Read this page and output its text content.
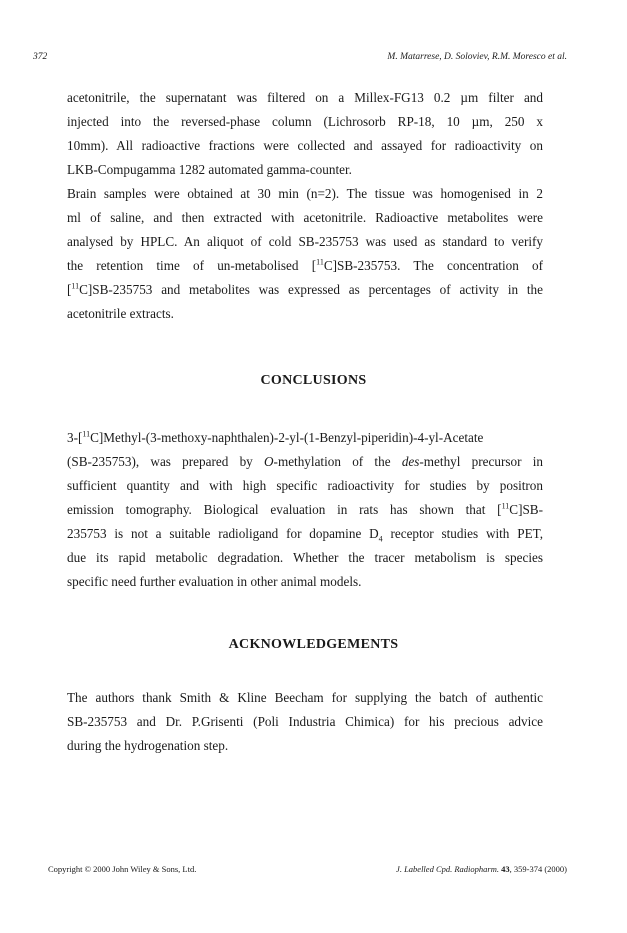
372	M. Matarrese, D. Soloviev, R.M. Moresco et al.
acetonitrile, the supernatant was filtered on a Millex-FG13 0.2 µm filter and
injected into the reversed-phase column (Lichrosorb RP-18, 10 µm, 250 x
10mm). All radioactive fractions were collected and assayed for radioactivity on
LKB-Compugamma 1282 automated gamma-counter.
Brain samples were obtained at 30 min (n=2). The tissue was homogenised in 2
ml of saline, and then extracted with acetonitrile. Radioactive metabolites were
analysed by HPLC. An aliquot of cold SB-235753 was used as standard to verify
the retention time of un-metabolised [$^{11}$C]SB-235753. The concentration of
[$^{11}$C]SB-235753 and metabolites was expressed as percentages of activity in the
acetonitrile extracts.
CONCLUSIONS
3-[$^{11}$C]Methyl-(3-methoxy-naphthalen)-2-yl-(1-Benzyl-piperidin)-4-yl-Acetate
(SB-235753), was prepared by O-methylation of the des-methyl precursor in
sufficient quantity and with high specific radioactivity for studies by positron
emission tomography. Biological evaluation in rats has shown that [$^{11}$C]SB-
235753 is not a suitable radioligand for dopamine $D_4$ receptor studies with PET,
due its rapid metabolic degradation. Whether the tracer metabolism is species
specific need further evaluation in other animal models.
ACKNOWLEDGEMENTS
The authors thank Smith & Kline Beecham for supplying the batch of authentic
SB-235753 and Dr. P.Grisenti (Poli Industria Chimica) for his precious advice
during the hydrogenation step.
Copyright © 2000 John Wiley & Sons, Ltd.	J. Labelled Cpd. Radiopharm. 43, 359-374 (2000)
